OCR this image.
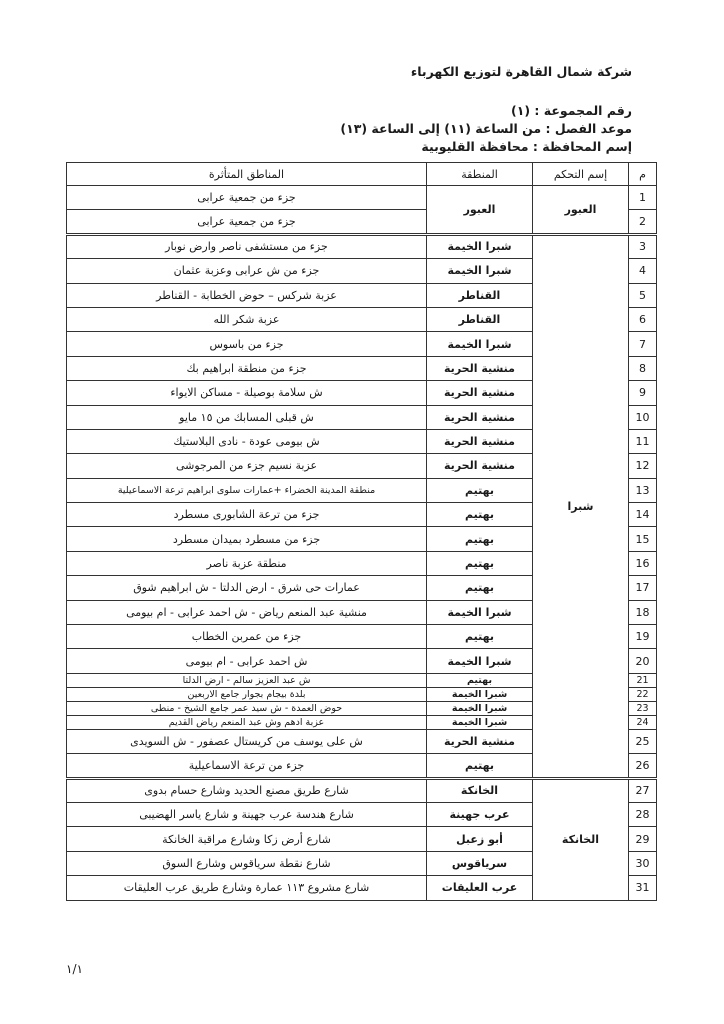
شركة شمال القاهرة لتوزيع الكهرباء
رقم المجموعة : (١)
موعد الفصل : من الساعة (١١) إلى الساعة (١٣)
إسم المحافظة : محافظة القليوبية
م	إسم التحكم	المنطقة	المناطق المتأثرة
1	العبور	العبور	جزء من جمعية عرابى
2			جزء من جمعية عرابى
3	شبرا	شبرا الخيمة	جزء من مستشفى ناصر وارض نوبار
4		شبرا الخيمة	جزء من ش عرابى وعزبة عثمان
5		القناطر	عزبة شركس – حوض الخطابة - القناطر
6		القناطر	عزبة شكر الله
7		شبرا الخيمة	جزء من باسوس
8		منشية الحرية	جزء من منطقة ابراهيم بك
9		منشية الحرية	ش سلامة بوصيلة - مساكن الايواء
10		منشية الحرية	ش قبلى المسابك من ١٥ مايو
11		منشية الحرية	ش بيومى عودة - نادى البلاستيك
12		منشية الحرية	عزبة نسيم جزء من المرجوشى
13		بهتيم	منطقة المدينة الخضراء +عمارات سلوى ابراهيم ترعة الاسماعيلية
14		بهتيم	جزء من ترعة الشابورى مسطرد
15		بهتيم	جزء من مسطرد بميدان مسطرد
16		بهتيم	منطقة عزبة ناصر
17		بهتيم	عمارات حى شرق - ارض الدلتا - ش ابراهيم شوق
18		شبرا الخيمة	منشية عبد المنعم رياض - ش احمد عرابى - ام بيومى
19		بهتيم	جزء من عمربن الخطاب
20		شبرا الخيمة	ش احمد عرابى - ام بيومى
21		بهتيم	ش عبد العزيز سالم - ارض الدلتا
22		شبرا الخيمة	بلدة بيجام بجوار جامع الاربعين
23		شبرا الخيمة	حوض العمدة - ش سيد عمر جامع الشيخ - منطى
24		شبرا الخيمة	عزبة ادهم وش عبد المنعم رياض القديم
25		منشية الحرية	ش على يوسف من كريستال عصفور - ش السويدى
26		بهتيم	جزء من ترعة الاسماعيلية
27	الخانكة	الخانكة	شارع طريق مصنع الحديد وشارع حسام بدوى
28		عرب جهينة	شارع هندسة عرب جهينة و شارع ياسر الهضيبى
29		أبو زعبل	شارع أرض زكا وشارع مراقبة الخانكة
30		سرياقوس	شارع نقطة سرياقوس وشارع السوق
31		عرب العليقات	شارع مشروع ١١٣ عمارة وشارع طريق عرب العليقات
١/١
